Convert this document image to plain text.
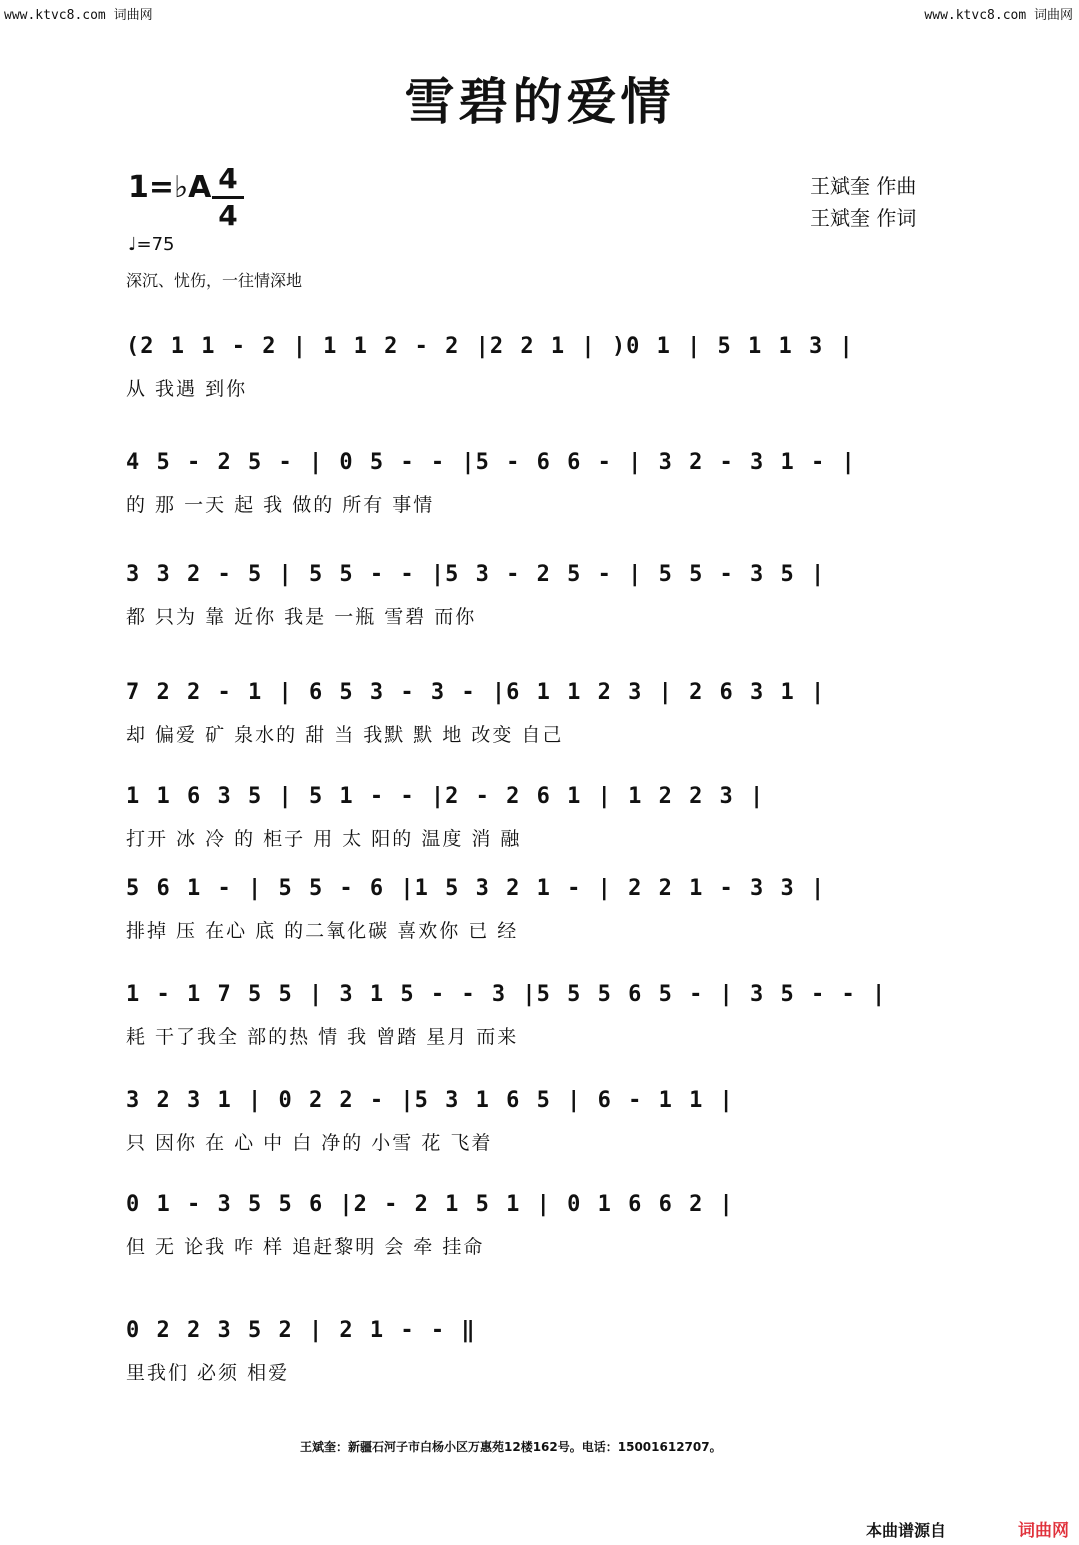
www.ktvc8.com 词曲网	www.ktvc8.com 词曲网
雪碧的爱情
1=♭A 4
4
王斌奎 作曲
王斌奎 作词
♩=75
深沉、忧伤，一往情深地
(2 1 1 - 2 | 1 1 2 - 2 |2 2 1 | )0 1 | 5 1 1 3 |
从 我遇 到你
4 5 - 2 5 - | 0 5 - - |5 - 6 6 - | 3 2 - 3 1 - |
的 那 一天 起 我 做的 所有 事情
3 3 2 - 5 | 5 5 - - |5 3 - 2 5 - | 5 5 - 3 5 |
都 只为 靠 近你 我是 一瓶 雪碧 而你
7 2 2 - 1 | 6 5 3 - 3 - |6 1 1 2 3 | 2 6 3 1 |
却 偏爱 矿 泉水的 甜 当 我默 默 地 改变 自己
1 1 6 3 5 | 5 1 - - |2 - 2 6 1 | 1 2 2 3 |
打开 冰 冷 的 柜子 用 太 阳的 温度 消 融
5 6 1 - | 5 5 - 6 |1 5 3 2 1 - | 2 2 1 - 3 3 |
排掉 压 在心 底 的二氧化碳 喜欢你 已 经
1 - 1 7 5 5 | 3 1 5 - - 3 |5 5 5 6 5 - | 3 5 - - |
耗 干了我全 部的热 情 我 曾踏 星月 而来
3 2 3 1 | 0 2 2 - |5 3 1 6 5 | 6 - 1 1 |
只 因你 在 心 中 白 净的 小雪 花 飞着
0 1 - 3 5 5 6 |2 - 2 1 5 1 | 0 1 6 6 2 |
但 无 论我 咋 样 追赶黎明 会 牵 挂命
0 2 2 3 5 2 | 2 1 - - ‖
里我们 必须 相爱
王斌奎：新疆石河子市白杨小区万惠苑12楼162号。电话：15001612707。
本曲谱源自	词曲网
